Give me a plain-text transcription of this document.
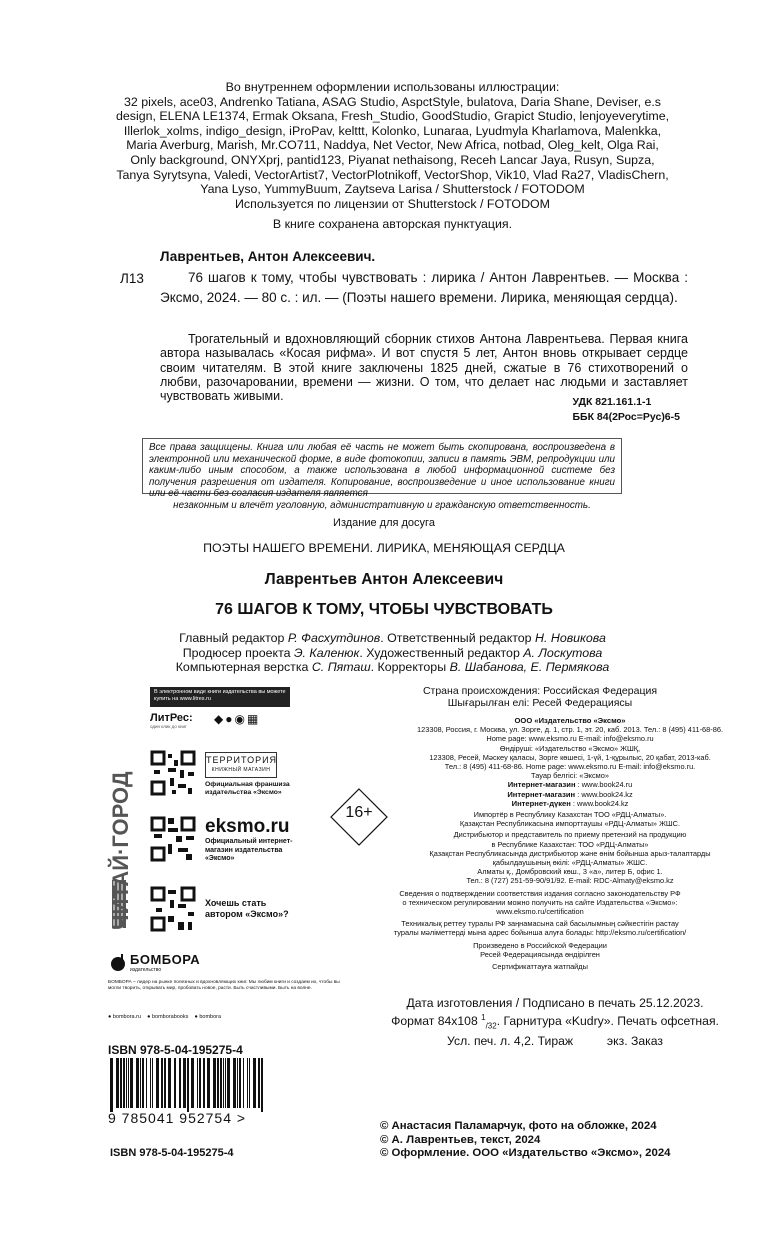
Во внутреннем оформлении использованы иллюстрации:
32 pixels, ace03, Andrenko Tatiana, ASAG Studio, AspctStyle, bulatova, Daria Shane, Deviser, e.s
design, ELENA LE1374, Ermak Oksana, Fresh_Studio, GoodStudio, Grapict Studio, lenjoyeverytime,
Illerlok_xolms, indigo_design, iProPav, kelttt, Kolonko, Lunaraa, Lyudmyla Kharlamova, Malenkka,
Maria Averburg, Marish, Mr.CO711, Naddya, Net Vector, New Africa, notbad, Oleg_kelt, Olga Rai,
Only background, ONYXprj, pantid123, Piyanat nethaisong, Receh Lancar Jaya, Rusyn, Supza,
Tanya Syrytsyna, Valedi, VectorArtist7, VectorPlotnikoff, VectorShop, Vik10, Vlad Ra27, VladisChern,
Yana Lyso, YummyBuum, Zaytseva Larisa / Shutterstock / FOTODOM
Используется по лицензии от Shutterstock / FOTODOM
В книге сохранена авторская пунктуация.
Лаврентьев, Антон Алексеевич.
Л13	76 шагов к тому, чтобы чувствовать : лирика / Антон Лаврентьев. — Москва : Эксмо, 2024. — 80 с. : ил. — (Поэты нашего времени. Лирика, меняющая сердца).
Трогательный и вдохновляющий сборник стихов Антона Лаврентьева. Первая книга автора называлась «Косая рифма». И вот спустя 5 лет, Антон вновь открывает сердце своим читателям. В этой книге заключены 1825 дней, сжатые в 76 стихотворений о любви, разочаровании, времени — жизни. О том, что делает нас людьми и заставляет чувствовать живыми.	УДК 821.161.1-1
ББК 84(2Рос=Рус)6-5
Все права защищены. Книга или любая её часть не может быть скопирована, воспроизведена в электронной или механической форме, в виде фотокопии, записи в память ЭВМ, репродукции или каким-либо иным способом, а также использована в любой информационной системе без получения разрешения от издателя. Копирование, воспроизведение и иное использование книги или её части без согласия издателя является
незаконным и влечёт уголовную, административную и гражданскую ответственность.
Издание для досуга
ПОЭТЫ НАШЕГО ВРЕМЕНИ. ЛИРИКА, МЕНЯЮЩАЯ СЕРДЦА
Лаврентьев Антон Алексеевич
76 ШАГОВ К ТОМУ, ЧТОБЫ ЧУВСТВОВАТЬ
Главный редактор Р. Фасхутдинов. Ответственный редактор Н. Новикова
Продюсер проекта Э. Каленюк. Художественный редактор А. Лоскутова
Компьютерная верстка С. Пяташ. Корректоры В. Шабанова, Е. Пермякова
Страна происхождения: Российская Федерация
Шығарылған елі: Ресей Федерациясы
ООО «Издательство «Эксмо»
123308, Россия, г. Москва, ул. Зорге, д. 1, стр. 1, эт. 20, каб. 2013. Тел.: 8 (495) 411-68-86.
Home page: www.eksmo.ru E-mail: info@eksmo.ru
Өндіруші: «Издательство «Эксмо» ЖШҚ,
123308, Ресей, Мәскеу қаласы, Зорге көшесі, 1-үй, 1-құрылыс, 20 қабат, 2013-каб.
Тел.: 8 (495) 411-68-86. Home page: www.eksmo.ru E-mail: info@eksmo.ru.
Тауар белгісі: «Эксмо»
Интернет-магазин : www.book24.ru
Интернет-магазин : www.book24.kz
Интернет-дүкен : www.book24.kz
Импортёр в Республику Казахстан ТОО «РДЦ-Алматы».
Қазақстан Республикасына импорттаушы «РДЦ-Алматы» ЖШС.
Дистрибьютор и представитель по приему претензий на продукцию
в Республике Казахстан: ТОО «РДЦ-Алматы»
Қазақстан Республикасында дистрибьютор және өнім бойынша арыз-талаптарды
қабылдаушының өкілі: «РДЦ-Алматы» ЖШС.
Алматы қ., Домбровский көш., 3 «а», литер Б, офис 1.
Тел.: 8 (727) 251-59-90/91/92. E-mail: RDC-Almaty@eksmo.kz
Сведения о подтверждении соответствия издания согласно законодательству РФ
о техническом регулировании можно получить на сайте Издательства «Эксмо»:
www.eksmo.ru/certification
Техникалық реттеу туралы РФ заңнамасына сай басылымның сәйкестігін растау
туралы мәліметтерді мына адрес бойынша алуға болады: http://eksmo.ru/certification/
Произведено в Российской Федерации
Ресей Федерациясында өндірілген
Сертификаттауға жатпайды
16+
Дата изготовления / Подписано в печать 25.12.2023.
Формат 84x108 $^1_{/32}$. Гарнитура «Kudry». Печать офсетная.
Усл. печ. л. 4,2. Тираж          экз. Заказ
© Анастасия Паламарчук, фото на обложке, 2024
© А. Лаврентьев, текст, 2024
© Оформление. ООО «Издательство «Эксмо», 2024
ЧИТАЙ·ГОРОД
В электронном виде книги издательства вы можете купить на www.litres.ru
ЛитРес:
один клик до книг
◆●◉▦
ТЕРРИТОРИЯ
КНИЖНЫЙ МАГАЗИН
Официальная франшиза издательства «Эксмо»
eksmo.ru
Официальный интернет-магазин издательства «Эксмо»
Хочешь стать автором «Эксмо»?
БОМБОРА
издательство
БОМБОРА – лидер на рынке полезных и вдохновляющих книг. Мы любим книги и создаем их, чтобы вы могли творить, открывать мир, пробовать новое, расти. Быть счастливыми. Быть на волне.
● bombora.ru ● bomborabooks ● bombora
ISBN 978-5-04-195275-4
9 785041 952754 >
ISBN 978-5-04-195275-4
